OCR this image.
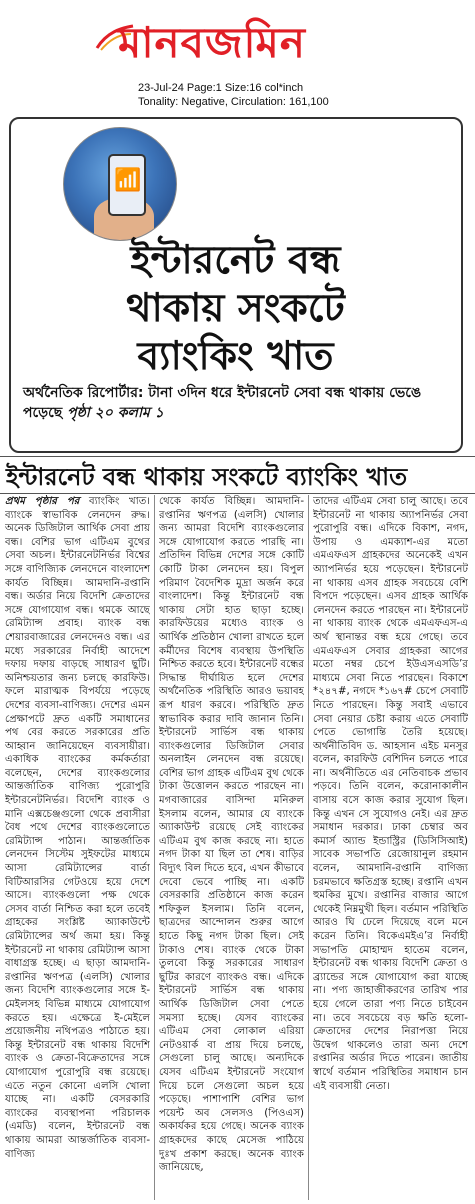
মানবজমিন
23-Jul-24 Page:1 Size:16 col*inch
Tonality: Negative, Circulation: 161,100
📶
ইন্টারনেট বন্ধ
থাকায় সংকটে
ব্যাংকিং খাত
অর্থনৈতিক রিপোর্টার: টানা ৩দিন ধরে ইন্টারনেট সেবা বন্ধ থাকায় ভেঙে পড়েছে পৃষ্ঠা ২০ কলাম ১
ইন্টারনেট বন্ধ থাকায় সংকটে ব্যাংকিং খাত
প্রথম পৃষ্ঠার পর ব্যাংকিং খাত। ব্যাংকে স্বাভাবিক লেনদেন রুদ্ধ। অনেক ডিজিটাল আর্থিক সেবা প্রায় বন্ধ। বেশির ভাগ এটিএম বুথের সেবা অচল। ইন্টারনেটনির্ভর বিশ্বের সঙ্গে বাণিজ্যিক লেনদেনে বাংলাদেশ কার্যত বিচ্ছিন্ন। আমদানি-রপ্তানি বন্ধ। অর্ডার নিয়ে বিদেশি ক্রেতাদের সঙ্গে যোগাযোগ বন্ধ। থমকে আছে রেমিট্যান্স প্রবাহ। ব্যাংক বন্ধ শেয়ারবাজারের লেনদেনও বন্ধ। এর মধ্যে সরকারের নির্বাহী আদেশে দফায় দফায় বাড়ছে সাধারণ ছুটি। অনিশ্চয়তার জন্য চলছে কারফিউ। ফলে মারাত্মক বিপর্যয়ে পড়েছে দেশের ব্যবসা-বাণিজ্য। দেশের এমন প্রেক্ষাপটে দ্রুত একটি সমাধানের পথ বের করতে সরকারের প্রতি আহ্বান জানিয়েছেন ব্যবসায়ীরা। একাধিক ব্যাংকের কর্মকর্তারা বলেছেন, দেশের ব্যাংকগুলোর আন্তর্জাতিক বাণিজ্য পুরোপুরি ইন্টারনেটনির্ভর। বিদেশি ব্যাংক ও মানি এক্সচেঞ্জগুলো থেকে প্রবাসীরা বৈধ পথে দেশের ব্যাংকগুলোতে রেমিট্যান্স পাঠান। আন্তর্জাতিক লেনদেন সিস্টেম সুইফটের মাধ্যমে আসা রেমিট্যান্সের বার্তা বিটিআরসির গেটওয়ে হয়ে দেশে আসে। ব্যাংকগুলো পক্ষ থেকে সেসব বার্তা নিশ্চিত করা হলে তবেই গ্রাহকের সংশ্লিষ্ট অ্যাকাউন্টে রেমিট্যান্সের অর্থ জমা হয়। কিন্তু ইন্টারনেট না থাকায় রেমিট্যান্স আসা বাধাগ্রস্ত হচ্ছে। এ ছাড়া আমদানি-রপ্তানির ঋণপত্র (এলসি) খোলার জন্য বিদেশি ব্যাংকগুলোর সঙ্গে ই-মেইলসহ বিভিন্ন মাধ্যমে যোগাযোগ করতে হয়। এক্ষেত্রে ই-মেইলে প্রয়োজনীয় নথিপত্রও পাঠাতে হয়। কিন্তু ইন্টারনেট বন্ধ থাকায় বিদেশি ব্যাংক ও ক্রেতা-বিক্রেতাদের সঙ্গে যোগাযোগ পুরোপুরি বন্ধ রয়েছে। এতে নতুন কোনো এলসি খোলা যাচ্ছে না। একটি বেসরকারি ব্যাংকের ব্যবস্থাপনা পরিচালক (এমডি) বলেন, ইন্টারনেট বন্ধ থাকায় আমরা আন্তর্জাতিক ব্যবসা-বাণিজ্য
থেকে কার্যত বিচ্ছিন্ন। আমদানি-রপ্তানির ঋণপত্র (এলসি) খোলার জন্য আমরা বিদেশি ব্যাংকগুলোর সঙ্গে যোগাযোগ করতে পারছি না। প্রতিদিন বিভিন্ন দেশের সঙ্গে কোটি কোটি টাকা লেনদেন হয়। বিপুল পরিমাণ বৈদেশিক মুদ্রা অর্জন করে বাংলাদেশ। কিন্তু ইন্টারনেট বন্ধ থাকায় সেটা হাত ছাড়া হচ্ছে। কারফিউয়ের মধ্যেও ব্যাংক ও আর্থিক প্রতিষ্ঠান খোলা রাখতে হলে কর্মীদের বিশেষ ব্যবস্থায় উপস্থিতি নিশ্চিত করতে হবে। ইন্টারনেট বন্ধের সিদ্ধান্ত দীর্ঘায়িত হলে দেশের অর্থনৈতিক পরিস্থিতি আরও ভয়াবহ রূপ ধারণ করবে। পরিস্থিতি দ্রুত স্বাভাবিক করার দাবি জানান তিনি। ইন্টারনেট সার্ভিস বন্ধ থাকায় ব্যাংকগুলোর ডিজিটাল সেবার অনলাইন লেনদেন বন্ধ রয়েছে। বেশির ভাগ গ্রাহক এটিএম বুথ থেকে টাকা উত্তোলন করতে পারছেন না। মগবাজারের বাসিন্দা মনিরুল ইসলাম বলেন, আমার যে ব্যাংকে অ্যাকাউন্ট রয়েছে সেই ব্যাংকের এটিএম বুথ কাজ করছে না। হাতে নগদ টাকা যা ছিল তা শেষ। বাড়ির বিদ্যুৎ বিল দিতে হবে, এখন কীভাবে দেবো ভেবে পাচ্ছি না। একটি বেসরকারি প্রতিষ্ঠানে কাজ করেন শফিকুল ইসলাম। তিনি বলেন, ছাত্রদের আন্দোলন শুরুর আগে হাতে কিছু নগদ টাকা ছিল। সেই টাকাও শেষ। ব্যাংক থেকে টাকা তুলবো কিন্তু সরকারের সাধারণ ছুটির কারণে ব্যাংকও বন্ধ। এদিকে ইন্টারনেট সার্ভিস বন্ধ থাকায় আর্থিক ডিজিটাল সেবা পেতে সমস্যা হচ্ছে। যেসব ব্যাংকের এটিএম সেবা লোকাল এরিয়া নেটওয়ার্ক বা প্রায় দিয়ে চলছে, সেগুলো চালু আছে। অন্যদিকে যেসব এটিএম ইন্টারনেট সংযোগ দিয়ে চলে সেগুলো অচল হয়ে পড়েছে। পাশাপাশি বেশির ভাগ পয়েন্ট অব সেলসও (পিওএস) অকার্যকর হয়ে গেছে। অনেক ব্যাংক গ্রাহকদের কাছে মেসেজ পাঠিয়ে দুঃখ প্রকাশ করছে। অনেক ব্যাংক জানিয়েছে,
তাদের এটিএম সেবা চালু আছে। তবে ইন্টারনেট না থাকায় অ্যাপনির্ভর সেবা পুরোপুরি বন্ধ। এদিকে বিকাশ, নগদ, উপায় ও এমক্যাশ-এর মতো এমএফএস গ্রাহকদের অনেকেই এখন অ্যাপনির্ভর হয়ে পড়েছেন। ইন্টারনেট না থাকায় এসব গ্রাহক সবচেয়ে বেশি বিপদে পড়েছেন। এসব গ্রাহক আর্থিক লেনদেন করতে পারছেন না। ইন্টারনেট না থাকায় ব্যাংক থেকে এমএফএস-এ অর্থ স্থানান্তর বন্ধ হয়ে গেছে। তবে এমএফএস সেবার গ্রাহকরা আগের মতো নম্বর চেপে ইউএসএসডি’র মাধ্যমে সেবা নিতে পারছেন। বিকাশে *২৪৭#, নগদে *১৬৭# চেপে সেবাটি নিতে পারছেন। কিন্তু সবাই এভাবে সেবা নেয়ার চেষ্টা করায় এতে সেবাটি পেতে ভোগান্তি তৈরি হয়েছে। অর্থনীতিবিদ ড. আহসান এইচ মনসুর বলেন, কারফিউ বেশিদিন চলতে পারে না। অর্থনীতিতে এর নেতিবাচক প্রভাব পড়বে। তিনি বলেন, করোনাকালীন বাসায় বসে কাজ করার সুযোগ ছিল। কিন্তু এখন সে সুযোগও নেই। এর দ্রুত সমাধান দরকার। ঢাকা চেম্বার অব কমার্স অ্যান্ড ইন্ডাস্ট্রির (ডিসিসিআই) সাবেক সভাপতি রেজোয়ানুল রহমান বলেন, আমদানি-রপ্তানি বাণিজ্য চরমভাবে ক্ষতিগ্রস্ত হচ্ছে। রপ্তানি এখন হুমকির মুখে। রপ্তানির বাজার আগে থেকেই নিম্নমুখী ছিল। বর্তমান পরিস্থিতি আরও ঘি ঢেলে দিয়েছে বলে মনে করেন তিনি। বিকেএমইএ’র নির্বাহী সভাপতি মোহাম্মদ হাতেম বলেন, ইন্টারনেট বন্ধ থাকায় বিদেশি ক্রেতা ও ব্র্যান্ডের সঙ্গে যোগাযোগ করা যাচ্ছে না। পণ্য জাহাজীকরণের তারিখ পার হয়ে গেলে তারা পণ্য নিতে চাইবেন না। তবে সবচেয়ে বড় ক্ষতি হলো- ক্রেতাদের দেশের নিরাপত্তা নিয়ে উদ্বেগ থাকলেও তারা অন্য দেশে রপ্তানির অর্ডার দিতে পারেন। জাতীয় স্বার্থে বর্তমান পরিস্থিতির সমাধান চান এই ব্যবসায়ী নেতা।
